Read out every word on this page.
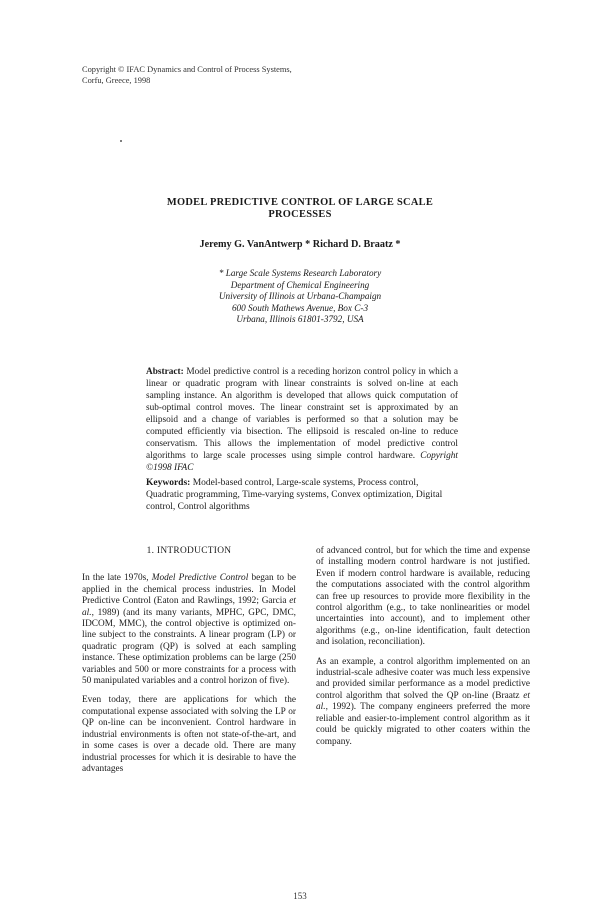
Copyright © IFAC Dynamics and Control of Process Systems,
Corfu, Greece, 1998
MODEL PREDICTIVE CONTROL OF LARGE SCALE
PROCESSES
Jeremy G. VanAntwerp * Richard D. Braatz *
* Large Scale Systems Research Laboratory
Department of Chemical Engineering
University of Illinois at Urbana-Champaign
600 South Mathews Avenue, Box C-3
Urbana, Illinois 61801-3792, USA
Abstract: Model predictive control is a receding horizon control policy in which a linear or quadratic program with linear constraints is solved on-line at each sampling instance. An algorithm is developed that allows quick computation of sub-optimal control moves. The linear constraint set is approximated by an ellipsoid and a change of variables is performed so that a solution may be computed efficiently via bisection. The ellipsoid is rescaled on-line to reduce conservatism. This allows the implementation of model predictive control algorithms to large scale processes using simple control hardware. Copyright ©1998 IFAC
Keywords: Model-based control, Large-scale systems, Process control, Quadratic programming, Time-varying systems, Convex optimization, Digital control, Control algorithms
1. INTRODUCTION

In the late 1970s, Model Predictive Control began to be applied in the chemical process industries. In Model Predictive Control (Eaton and Rawlings, 1992; Garcia et al., 1989) (and its many variants, MPHC, GPC, DMC, IDCOM, MMC), the control objective is optimized on-line subject to the constraints. A linear program (LP) or quadratic program (QP) is solved at each sampling instance. These optimization problems can be large (250 variables and 500 or more constraints for a process with 50 manipulated variables and a control horizon of five).

Even today, there are applications for which the computational expense associated with solving the LP or QP on-line can be inconvenient. Control hardware in industrial environments is often not state-of-the-art, and in some cases is over a decade old. There are many industrial processes for which it is desirable to have the advantages

of advanced control, but for which the time and expense of installing modern control hardware is not justified. Even if modern control hardware is available, reducing the computations associated with the control algorithm can free up resources to provide more flexibility in the control algorithm (e.g., to take nonlinearities or model uncertainties into account), and to implement other algorithms (e.g., on-line identification, fault detection and isolation, reconciliation).

As an example, a control algorithm implemented on an industrial-scale adhesive coater was much less expensive and provided similar performance as a model predictive control algorithm that solved the QP on-line (Braatz et al., 1992). The company engineers preferred the more reliable and easier-to-implement control algorithm as it could be quickly migrated to other coaters within the company.

153
